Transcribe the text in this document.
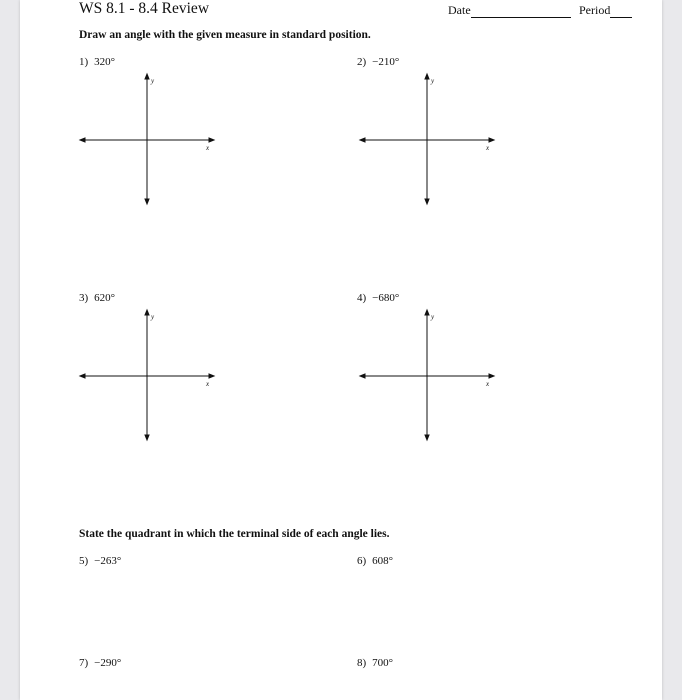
WS 8.1 - 8.4 Review	Date	Period
Draw an angle with the given measure in standard position.
1) 320°	2) −210°
y
x
y
x
3) 620°	4) −680°
y
x
y
x
State the quadrant in which the terminal side of each angle lies.
5) −263°	6) 608°
7) −290°	8) 700°
